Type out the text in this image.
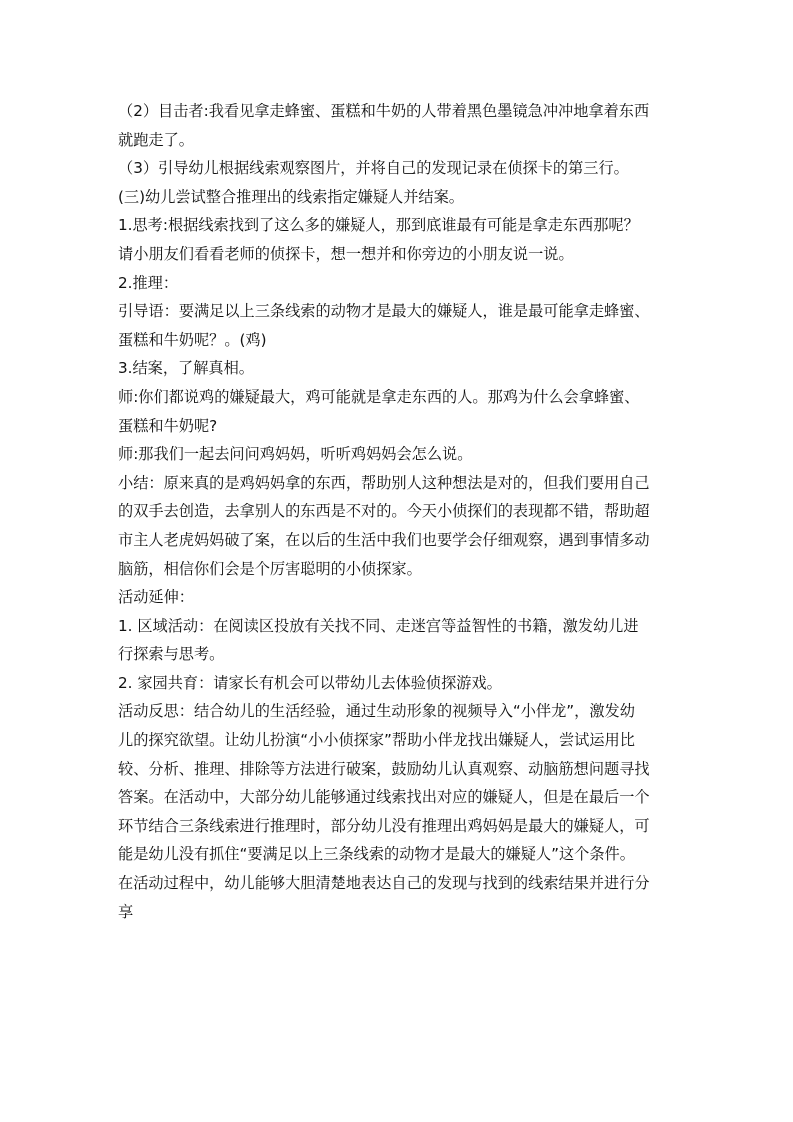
（2）目击者:我看见拿走蜂蜜、蛋糕和牛奶的人带着黑色墨镜急冲冲地拿着东西
就跑走了。
（3）引导幼儿根据线索观察图片，并将自己的发现记录在侦探卡的第三行。
(三)幼儿尝试整合推理出的线索指定嫌疑人并结案。
1.思考:根据线索找到了这么多的嫌疑人，那到底谁最有可能是拿走东西那呢？
请小朋友们看看老师的侦探卡，想一想并和你旁边的小朋友说一说。
2.推理：
引导语：要满足以上三条线索的动物才是最大的嫌疑人，谁是最可能拿走蜂蜜、
蛋糕和牛奶呢？。(鸡)
3.结案，了解真相。
师:你们都说鸡的嫌疑最大，鸡可能就是拿走东西的人。那鸡为什么会拿蜂蜜、
蛋糕和牛奶呢?
师:那我们一起去问问鸡妈妈，听听鸡妈妈会怎么说。
小结：原来真的是鸡妈妈拿的东西，帮助别人这种想法是对的，但我们要用自己
的双手去创造，去拿别人的东西是不对的。今天小侦探们的表现都不错，帮助超
市主人老虎妈妈破了案，在以后的生活中我们也要学会仔细观察，遇到事情多动
脑筋，相信你们会是个厉害聪明的小侦探家。
活动延伸：
1. 区域活动：在阅读区投放有关找不同、走迷宫等益智性的书籍，激发幼儿进
行探索与思考。
2. 家园共育：请家长有机会可以带幼儿去体验侦探游戏。
活动反思：结合幼儿的生活经验，通过生动形象的视频导入“小伴龙”，激发幼
儿的探究欲望。让幼儿扮演“小小侦探家”帮助小伴龙找出嫌疑人，尝试运用比
较、分析、推理、排除等方法进行破案，鼓励幼儿认真观察、动脑筋想问题寻找
答案。在活动中，大部分幼儿能够通过线索找出对应的嫌疑人，但是在最后一个
环节结合三条线索进行推理时，部分幼儿没有推理出鸡妈妈是最大的嫌疑人，可
能是幼儿没有抓住“要满足以上三条线索的动物才是最大的嫌疑人”这个条件。
在活动过程中，幼儿能够大胆清楚地表达自己的发现与找到的线索结果并进行分
享
